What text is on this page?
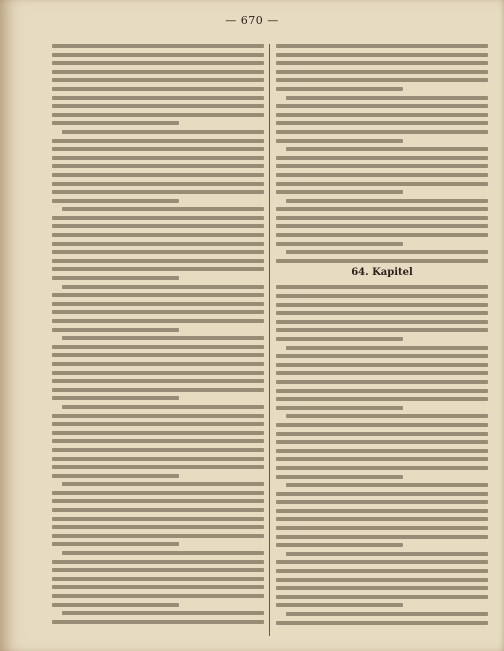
— 670 —
64. Kapitel
